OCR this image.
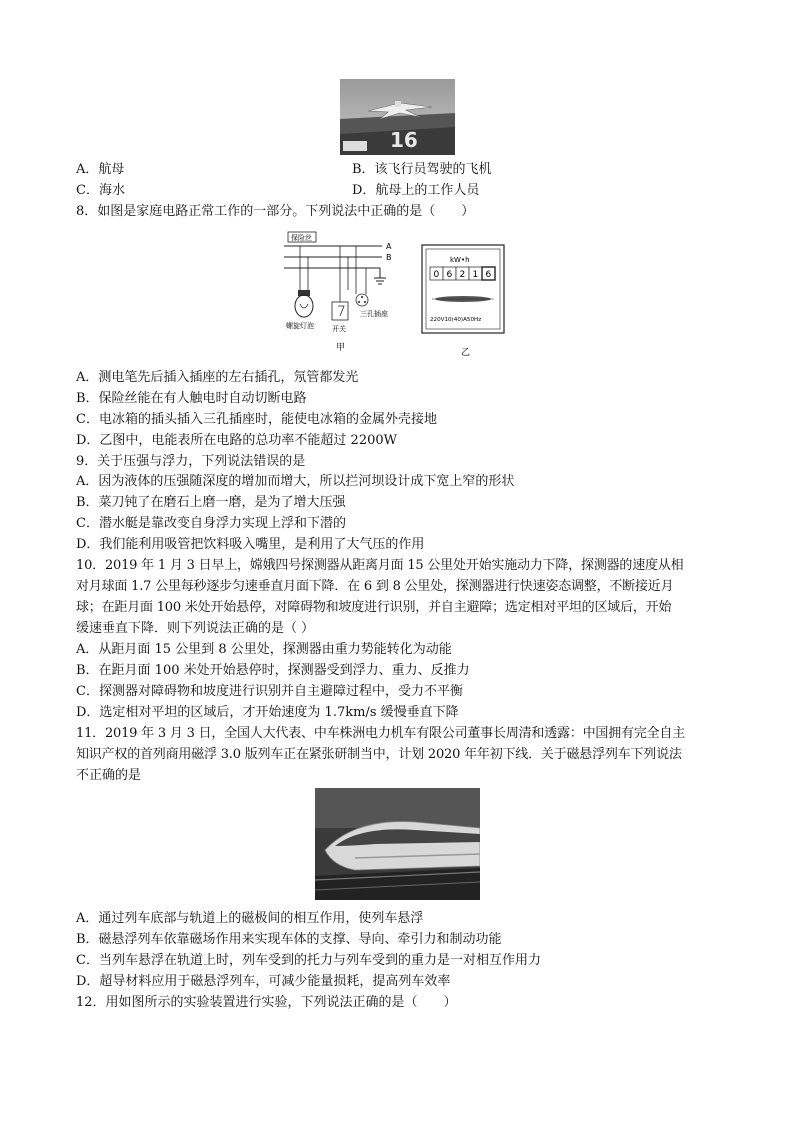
16
A．航母	B．该飞行员驾驶的飞机
C．海水	D．航母上的工作人员
8．如图是家庭电路正常工作的一部分。下列说法中正确的是（　　）
保险丝
A
B
螺旋灯泡	开关
三孔插座
甲
kW•h
0 6 2 1 6
220V10(40)A50Hz
乙
A．测电笔先后插入插座的左右插孔，氖管都发光
B．保险丝能在有人触电时自动切断电路
C．电冰箱的插头插入三孔插座时，能使电冰箱的金属外壳接地
D．乙图中，电能表所在电路的总功率不能超过 2200W
9．关于压强与浮力，下列说法错误的是
A．因为液体的压强随深度的增加而增大，所以拦河坝设计成下宽上窄的形状
B．菜刀钝了在磨石上磨一磨，是为了增大压强
C．潜水艇是靠改变自身浮力实现上浮和下潜的
D．我们能利用吸管把饮料吸入嘴里，是利用了大气压的作用
10．2019 年 1 月 3 日早上，嫦娥四号探测器从距离月面 15 公里处开始实施动力下降，探测器的速度从相
对月球面 1.7 公里每秒逐步匀速垂直月面下降．在 6 到 8 公里处，探测器进行快速姿态调整，不断接近月
球；在距月面 100 米处开始悬停，对障碍物和坡度进行识别，并自主避障；选定相对平坦的区域后，开始
缓速垂直下降．则下列说法正确的是（ ）
A．从距月面 15 公里到 8 公里处，探测器由重力势能转化为动能
B．在距月面 100 米处开始悬停时，探测器受到浮力、重力、反推力
C．探测器对障碍物和坡度进行识别并自主避障过程中，受力不平衡
D．选定相对平坦的区域后，才开始速度为 1.7km/s 缓慢垂直下降
11．2019 年 3 月 3 日，全国人大代表、中车株洲电力机车有限公司董事长周清和透露：中国拥有完全自主
知识产权的首列商用磁浮 3.0 版列车正在紧张研制当中，计划 2020 年年初下线．关于磁悬浮列车下列说法
不正确的是
A．通过列车底部与轨道上的磁极间的相互作用，使列车悬浮
B．磁悬浮列车依靠磁场作用来实现车体的支撑、导向、牵引力和制动功能
C．当列车悬浮在轨道上时，列车受到的托力与列车受到的重力是一对相互作用力
D．超导材料应用于磁悬浮列车，可减少能量损耗，提高列车效率
12．用如图所示的实验装置进行实验，下列说法正确的是（　　）
